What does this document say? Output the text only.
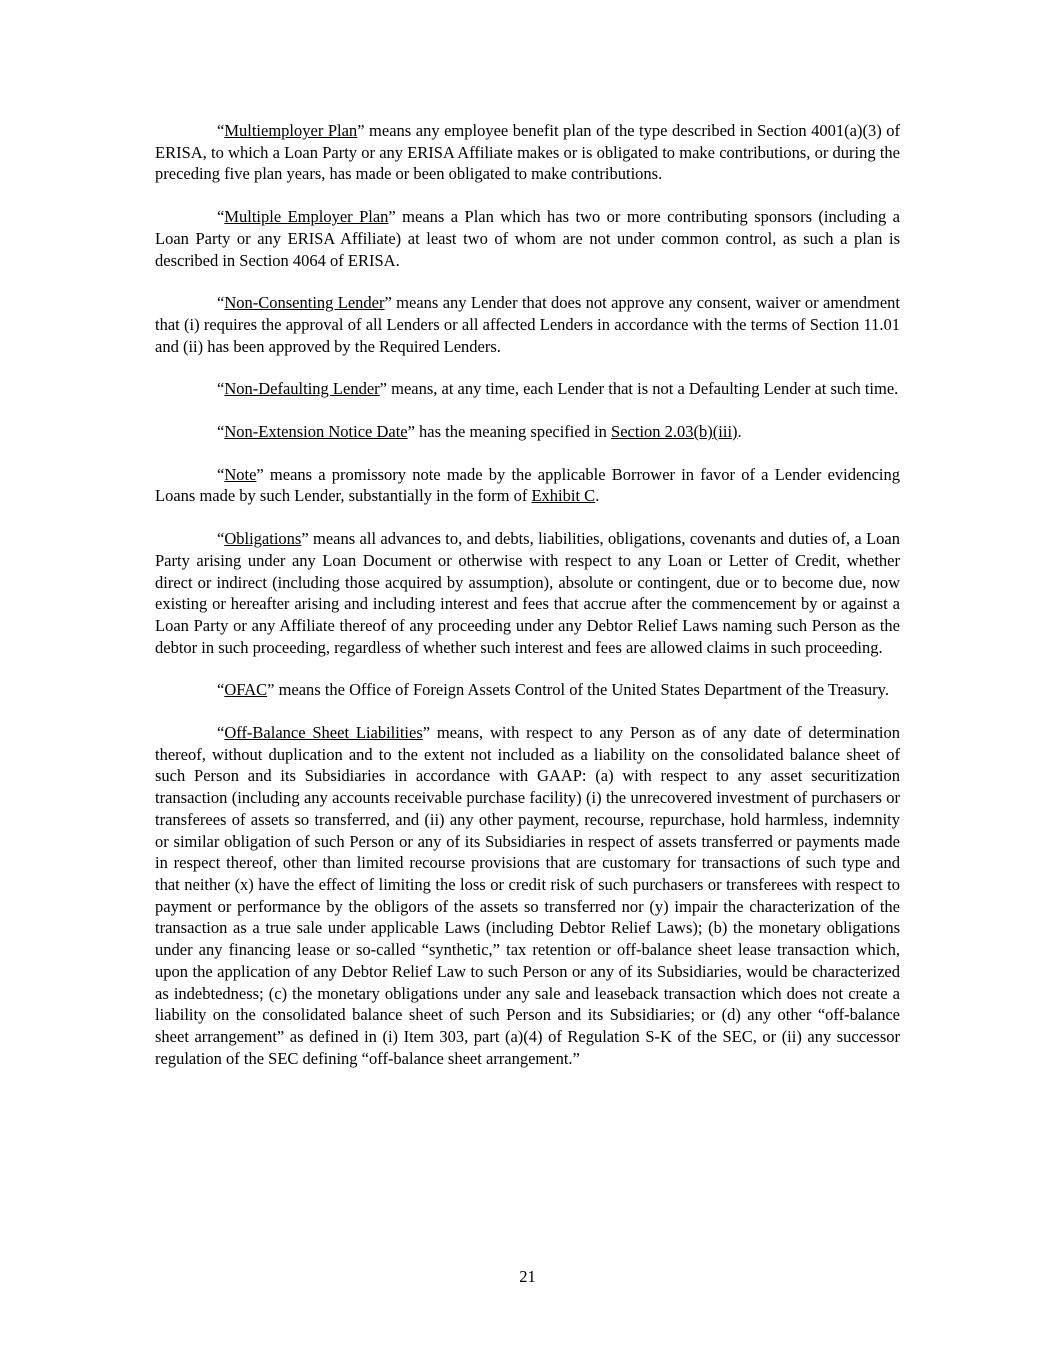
“Multiemployer Plan” means any employee benefit plan of the type described in Section 4001(a)(3) of ERISA, to which a Loan Party or any ERISA Affiliate makes or is obligated to make contributions, or during the preceding five plan years, has made or been obligated to make contributions.

“Multiple Employer Plan” means a Plan which has two or more contributing sponsors (including a Loan Party or any ERISA Affiliate) at least two of whom are not under common control, as such a plan is described in Section 4064 of ERISA.

“Non-Consenting Lender” means any Lender that does not approve any consent, waiver or amendment that (i) requires the approval of all Lenders or all affected Lenders in accordance with the terms of Section 11.01 and (ii) has been approved by the Required Lenders.

“Non-Defaulting Lender” means, at any time, each Lender that is not a Defaulting Lender at such time.

“Non-Extension Notice Date” has the meaning specified in Section 2.03(b)(iii).

“Note” means a promissory note made by the applicable Borrower in favor of a Lender evidencing Loans made by such Lender, substantially in the form of Exhibit C.

“Obligations” means all advances to, and debts, liabilities, obligations, covenants and duties of, a Loan Party arising under any Loan Document or otherwise with respect to any Loan or Letter of Credit, whether direct or indirect (including those acquired by assumption), absolute or contingent, due or to become due, now existing or hereafter arising and including interest and fees that accrue after the commencement by or against a Loan Party or any Affiliate thereof of any proceeding under any Debtor Relief Laws naming such Person as the debtor in such proceeding, regardless of whether such interest and fees are allowed claims in such proceeding.

“OFAC” means the Office of Foreign Assets Control of the United States Department of the Treasury.

“Off-Balance Sheet Liabilities” means, with respect to any Person as of any date of determination thereof, without duplication and to the extent not included as a liability on the consolidated balance sheet of such Person and its Subsidiaries in accordance with GAAP: (a) with respect to any asset securitization transaction (including any accounts receivable purchase facility) (i) the unrecovered investment of purchasers or transferees of assets so transferred, and (ii) any other payment, recourse, repurchase, hold harmless, indemnity or similar obligation of such Person or any of its Subsidiaries in respect of assets transferred or payments made in respect thereof, other than limited recourse provisions that are customary for transactions of such type and that neither (x) have the effect of limiting the loss or credit risk of such purchasers or transferees with respect to payment or performance by the obligors of the assets so transferred nor (y) impair the characterization of the transaction as a true sale under applicable Laws (including Debtor Relief Laws); (b) the monetary obligations under any financing lease or so-called “synthetic,” tax retention or off-balance sheet lease transaction which, upon the application of any Debtor Relief Law to such Person or any of its Subsidiaries, would be characterized as indebtedness; (c) the monetary obligations under any sale and leaseback transaction which does not create a liability on the consolidated balance sheet of such Person and its Subsidiaries; or (d) any other “off-balance sheet arrangement” as defined in (i) Item 303, part (a)(4) of Regulation S-K of the SEC, or (ii) any successor regulation of the SEC defining “off-balance sheet arrangement.”

21
